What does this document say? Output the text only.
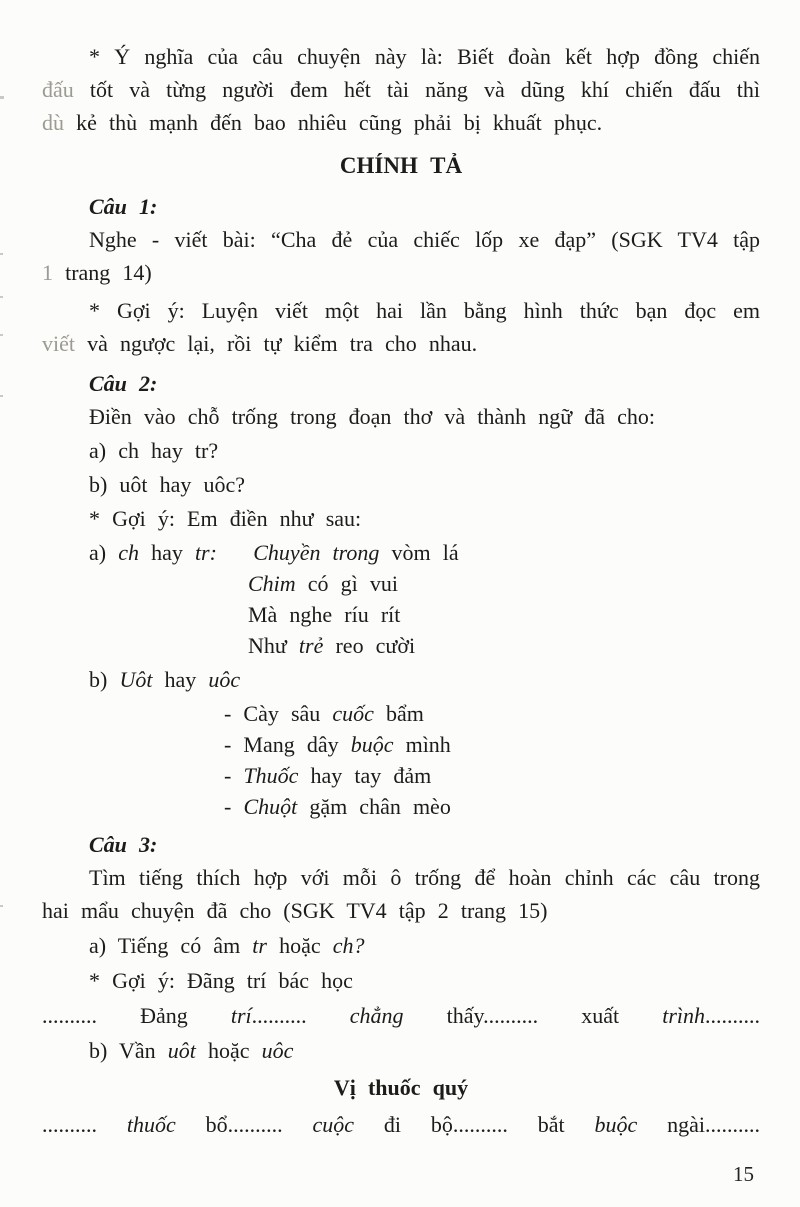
* Ý nghĩa của câu chuyện này là: Biết đoàn kết hợp đồng chiến
đấu tốt và từng người đem hết tài năng và dũng khí chiến đấu thì
dù kẻ thù mạnh đến bao nhiêu cũng phải bị khuất phục.
CHÍNH TẢ
Câu 1:
Nghe - viết bài: “Cha đẻ của chiếc lốp xe đạp” (SGK TV4 tập
1 trang 14)
* Gợi ý: Luyện viết một hai lần bằng hình thức bạn đọc em
viết và ngược lại, rồi tự kiểm tra cho nhau.
Câu 2:
Điền vào chỗ trống trong đoạn thơ và thành ngữ đã cho:
a) ch hay tr?
b) uôt hay uôc?
* Gợi ý: Em điền như sau:
a) ch hay tr: Chuyền trong vòm lá
Chim có gì vui
Mà nghe ríu rít
Như trẻ reo cười
b) Uôt hay uôc
- Cày sâu cuốc bẩm
- Mang dây buộc mình
- Thuốc hay tay đảm
- Chuột gặm chân mèo
Câu 3:
Tìm tiếng thích hợp với mỗi ô trống để hoàn chỉnh các câu trong
hai mẩu chuyện đã cho (SGK TV4 tập 2 trang 15)
a) Tiếng có âm tr hoặc ch?
* Gợi ý: Đãng trí bác học
.......... Đảng trí.......... chẳng thấy.......... xuất trình..........
b) Vần uôt hoặc uôc
Vị thuốc quý
.......... thuốc bổ.......... cuộc đi bộ.......... bắt buộc ngài..........
15
